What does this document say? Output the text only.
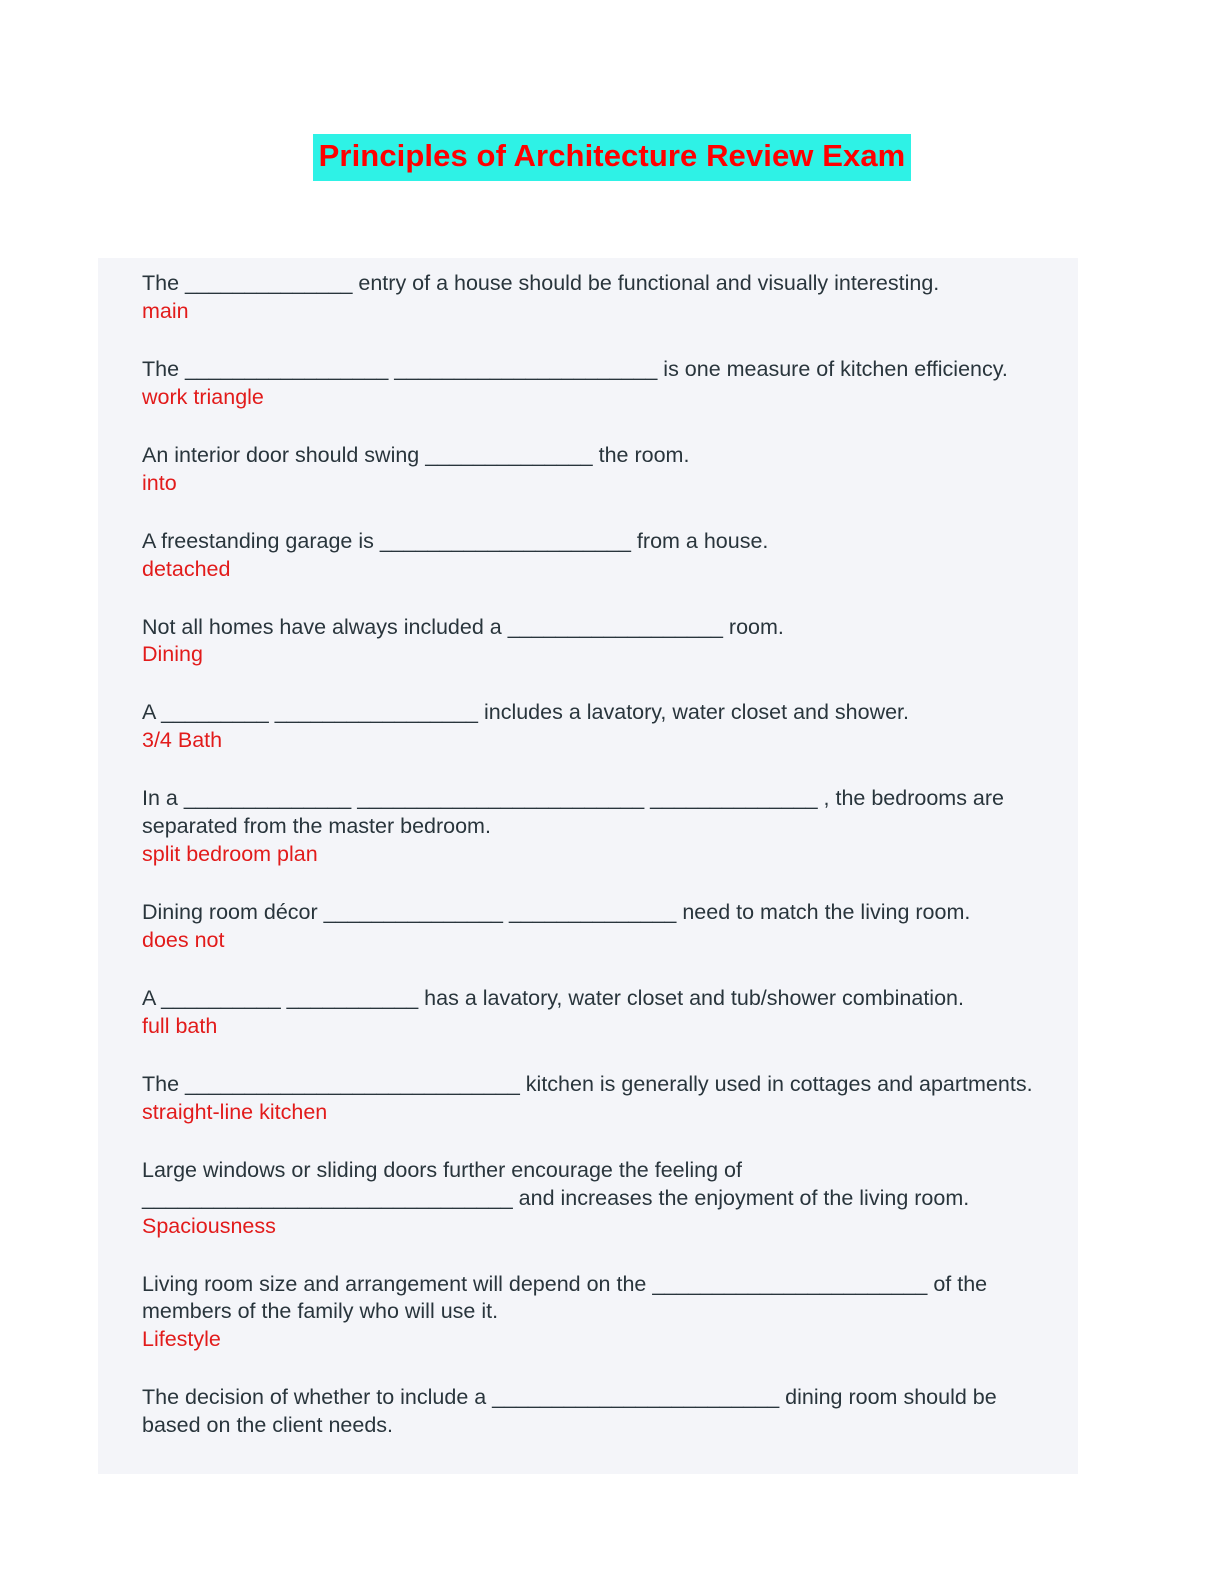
Principles of Architecture Review Exam

The ______________ entry of a house should be functional and visually interesting.

main

The _________________ ______________________ is one measure of kitchen efficiency.

work triangle

An interior door should swing ______________ the room.

into

A freestanding garage is _____________________ from a house.

detached

Not all homes have always included a __________________ room.

Dining

A _________ _________________ includes a lavatory, water closet and shower.

3/4 Bath

In a ______________ ________________________ ______________ , the bedrooms are separated from the master bedroom.

split bedroom plan

Dining room décor _______________ ______________ need to match the living room.

does not

A __________ ___________ has a lavatory, water closet and tub/shower combination.

full bath

The ____________________________ kitchen is generally used in cottages and apartments.

straight-line kitchen

Large windows or sliding doors further encourage the feeling of _______________________________ and increases the enjoyment of the living room.

Spaciousness

Living room size and arrangement will depend on the _______________________ of the members of the family who will use it.

Lifestyle

The decision of whether to include a ________________________ dining room should be based on the client needs.
